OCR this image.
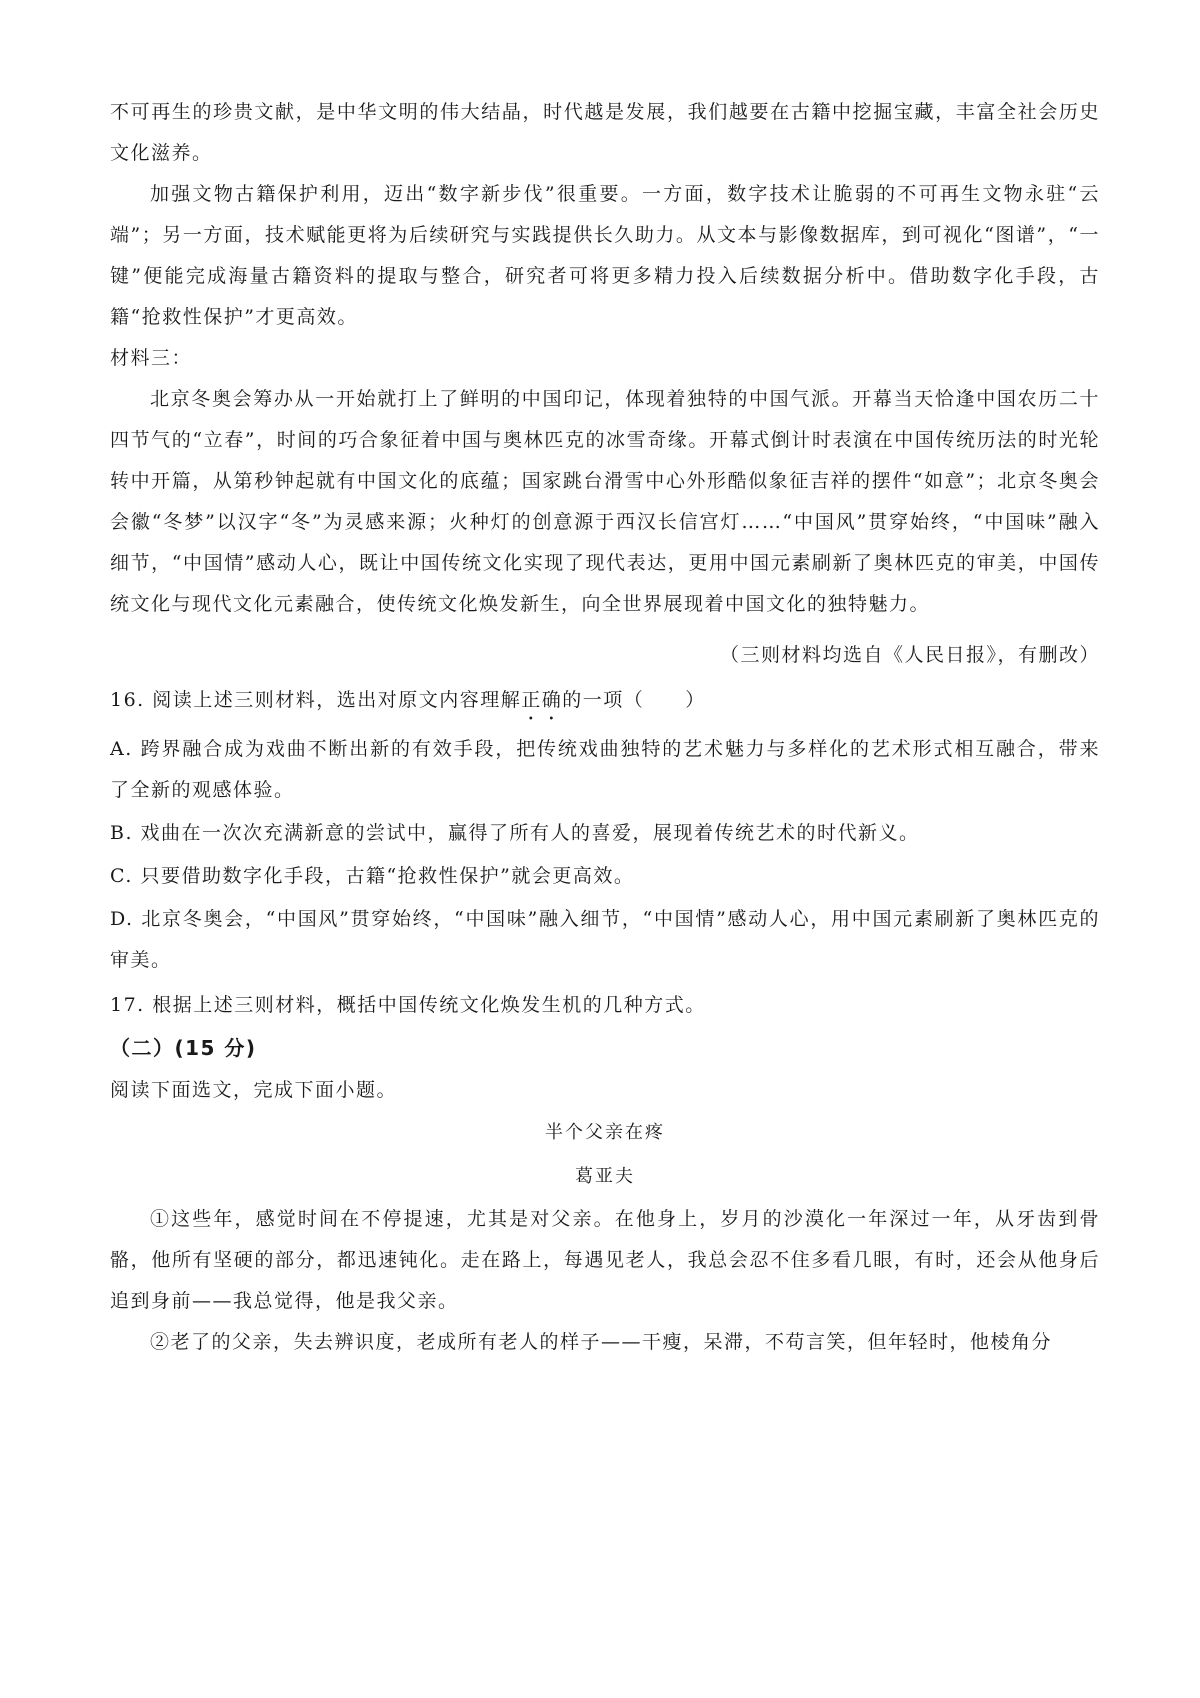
不可再生的珍贵文献，是中华文明的伟大结晶，时代越是发展，我们越要在古籍中挖掘宝藏，丰富全社会历史文化滋养。

加强文物古籍保护利用，迈出“数字新步伐”很重要。一方面，数字技术让脆弱的不可再生文物永驻“云端”；另一方面，技术赋能更将为后续研究与实践提供长久助力。从文本与影像数据库，到可视化“图谱”，“一键”便能完成海量古籍资料的提取与整合，研究者可将更多精力投入后续数据分析中。借助数字化手段，古籍“抢救性保护”才更高效。

材料三：

北京冬奥会筹办从一开始就打上了鲜明的中国印记，体现着独特的中国气派。开幕当天恰逢中国农历二十四节气的“立春”，时间的巧合象征着中国与奥林匹克的冰雪奇缘。开幕式倒计时表演在中国传统历法的时光轮转中开篇，从第秒钟起就有中国文化的底蕴；国家跳台滑雪中心外形酷似象征吉祥的摆件“如意”；北京冬奥会会徽“冬梦”以汉字“冬”为灵感来源；火种灯的创意源于西汉长信宫灯……“中国风”贯穿始终，“中国味”融入细节，“中国情”感动人心，既让中国传统文化实现了现代表达，更用中国元素刷新了奥林匹克的审美，中国传统文化与现代文化元素融合，使传统文化焕发新生，向全世界展现着中国文化的独特魅力。

（三则材料均选自《人民日报》，有删改）

16. 阅读上述三则材料，选出对原文内容理解正确的一项（　　）

A. 跨界融合成为戏曲不断出新的有效手段，把传统戏曲独特的艺术魅力与多样化的艺术形式相互融合，带来了全新的观感体验。

B. 戏曲在一次次充满新意的尝试中，赢得了所有人的喜爱，展现着传统艺术的时代新义。

C. 只要借助数字化手段，古籍“抢救性保护”就会更高效。

D. 北京冬奥会，“中国风”贯穿始终，“中国味”融入细节，“中国情”感动人心，用中国元素刷新了奥林匹克的审美。

17. 根据上述三则材料，概括中国传统文化焕发生机的几种方式。

（二）(15 分)

阅读下面选文，完成下面小题。

半个父亲在疼

葛亚夫

①这些年，感觉时间在不停提速，尤其是对父亲。在他身上，岁月的沙漠化一年深过一年，从牙齿到骨骼，他所有坚硬的部分，都迅速钝化。走在路上，每遇见老人，我总会忍不住多看几眼，有时，还会从他身后追到身前——我总觉得，他是我父亲。

②老了的父亲，失去辨识度，老成所有老人的样子——干瘦，呆滞，不苟言笑，但年轻时，他棱角分
